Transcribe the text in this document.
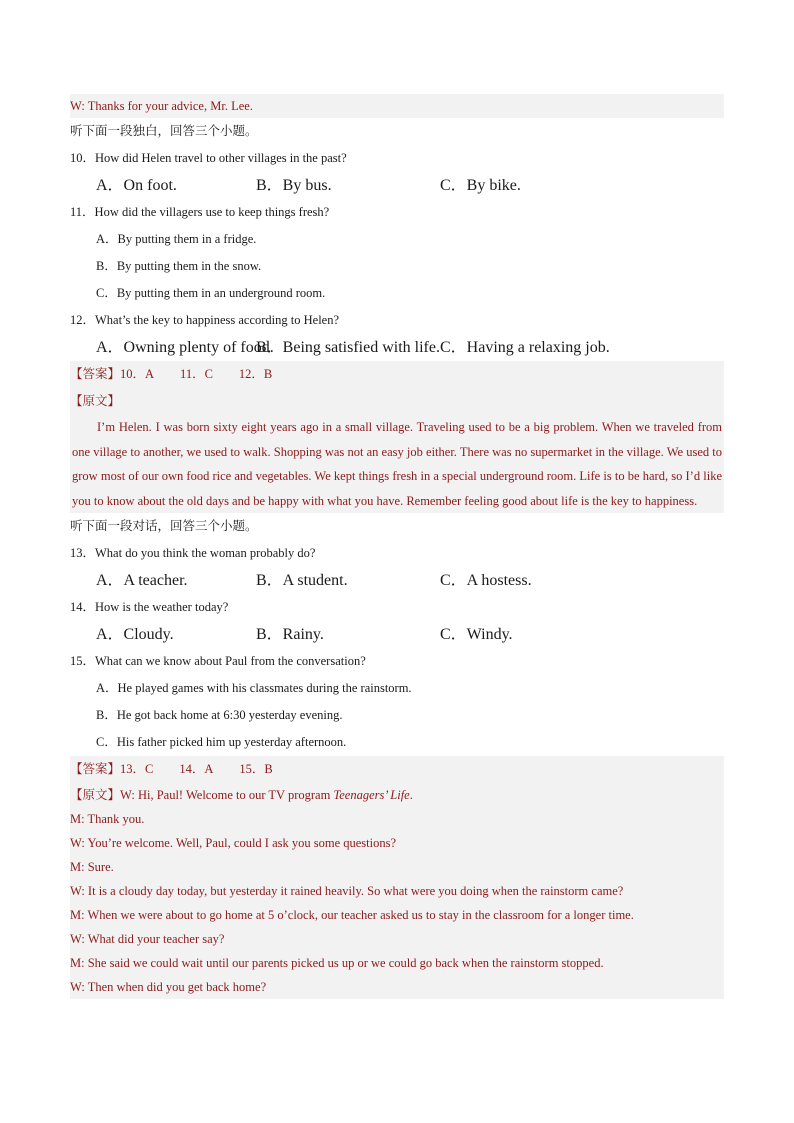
W: Thanks for your advice, Mr. Lee.
听下面一段独白，回答三个小题。
10．How did Helen travel to other villages in the past?
A．On foot.	B．By bus.	C．By bike.
11．How did the villagers use to keep things fresh?
A．By putting them in a fridge.
B．By putting them in the snow.
C．By putting them in an underground room.
12．What’s the key to happiness according to Helen?
A．Owning plenty of food.
B．Being satisfied with life. C．Having a relaxing job.
【答案】10．A 11．C 12．B
【原文】
I’m Helen. I was born sixty eight years ago in a small village. Traveling used to be a big problem. When we traveled from one village to another, we used to walk. Shopping was not an easy job either. There was no supermarket in the village. We used to grow most of our own food rice and vegetables. We kept things fresh in a special underground room. Life is to be hard, so I’d like you to know about the old days and be happy with what you have. Remember feeling good about life is the key to happiness.
听下面一段对话，回答三个小题。
13．What do you think the woman probably do?
A．A teacher.	B．A student.	C．A hostess.
14．How is the weather today?
A．Cloudy.	B．Rainy.	C．Windy.
15．What can we know about Paul from the conversation?
A．He played games with his classmates during the rainstorm.
B．He got back home at 6:30 yesterday evening.
C．His father picked him up yesterday afternoon.
【答案】13．C 14．A 15．B
【原文】W: Hi, Paul! Welcome to our TV program Teenagers’ Life.
M: Thank you.
W: You’re welcome. Well, Paul, could I ask you some questions?
M: Sure.
W: It is a cloudy day today, but yesterday it rained heavily. So what were you doing when the rainstorm came?
M: When we were about to go home at 5 o’clock, our teacher asked us to stay in the classroom for a longer time.
W: What did your teacher say?
M: She said we could wait until our parents picked us up or we could go back when the rainstorm stopped.
W: Then when did you get back home?
